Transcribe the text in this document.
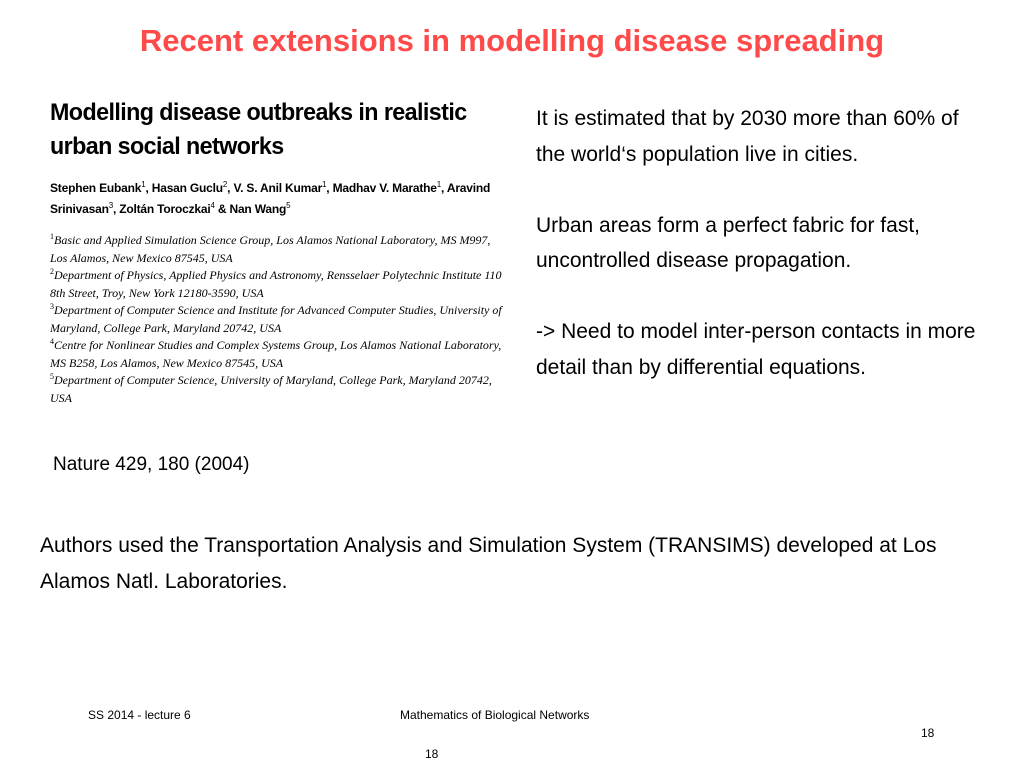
Recent extensions in modelling disease spreading
Modelling disease outbreaks in realistic urban social networks
Stephen Eubank$^1$, Hasan Guclu$^2$, V. S. Anil Kumar$^1$, Madhav V. Marathe$^1$, Aravind Srinivasan$^3$, Zoltán Toroczkai$^4$ & Nan Wang$^5$
$^1$Basic and Applied Simulation Science Group, Los Alamos National Laboratory, MS M997, Los Alamos, New Mexico 87545, USA
$^2$Department of Physics, Applied Physics and Astronomy, Rensselaer Polytechnic Institute 110 8th Street, Troy, New York 12180-3590, USA
$^3$Department of Computer Science and Institute for Advanced Computer Studies, University of Maryland, College Park, Maryland 20742, USA
$^4$Centre for Nonlinear Studies and Complex Systems Group, Los Alamos National Laboratory, MS B258, Los Alamos, New Mexico 87545, USA
$^5$Department of Computer Science, University of Maryland, College Park, Maryland 20742, USA
Nature 429, 180 (2004)

It is estimated that by 2030 more than 60% of the world‘s population live in cities.

Urban areas form a perfect fabric for fast, uncontrolled disease propagation.

-> Need to model inter-person contacts in more detail than by differential equations.

Authors used the Transportation Analysis and Simulation System (TRANSIMS) developed at Los Alamos Natl. Laboratories.
SS 2014 - lecture 6	Mathematics of Biological Networks
18
18
